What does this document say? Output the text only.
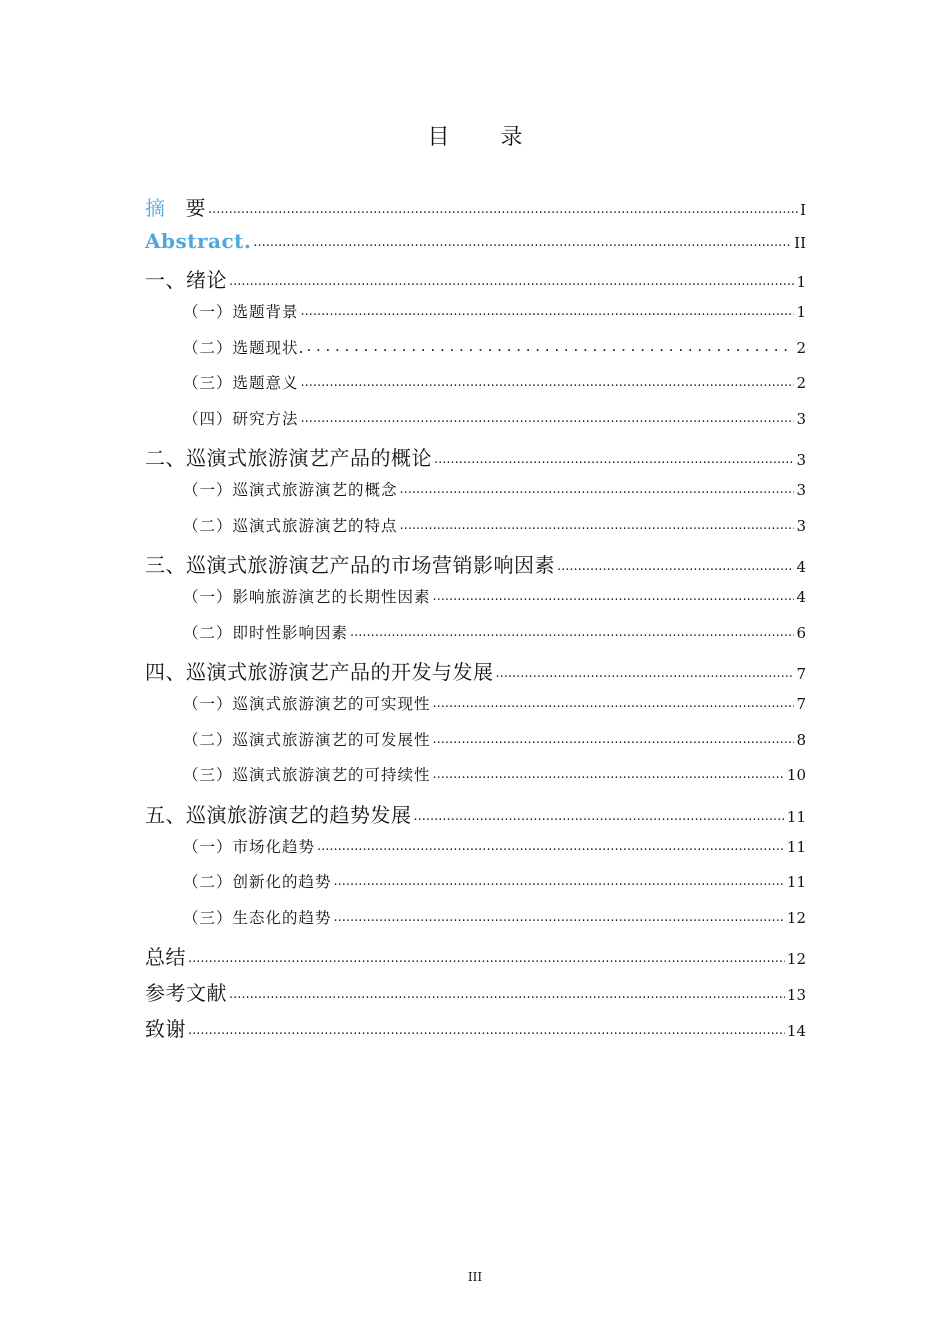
目 录
摘 要 .....	I
Abstract. .....	II
一、绪论 .....	1
（一）选题背景 .....	1
（二）选题现状. . . .	2
（三）选题意义 .....	2
（四）研究方法 .....	3
二、巡演式旅游演艺产品的概论 .....	3
（一）巡演式旅游演艺的概念 .....	3
（二）巡演式旅游演艺的特点 .....	3
三、巡演式旅游演艺产品的市场营销影响因素 .....	4
（一）影响旅游演艺的长期性因素 .....	4
（二）即时性影响因素 .....	6
四、巡演式旅游演艺产品的开发与发展 .....	7
（一）巡演式旅游演艺的可实现性 .....	7
（二）巡演式旅游演艺的可发展性 .....	8
（三）巡演式旅游演艺的可持续性 .....	10
五、巡演旅游演艺的趋势发展 .....	11
（一）市场化趋势 .....	11
（二）创新化的趋势 .....	11
（三）生态化的趋势 .....	12
总结 .....	12
参考文献 .....	13
致谢 .....	14
III
